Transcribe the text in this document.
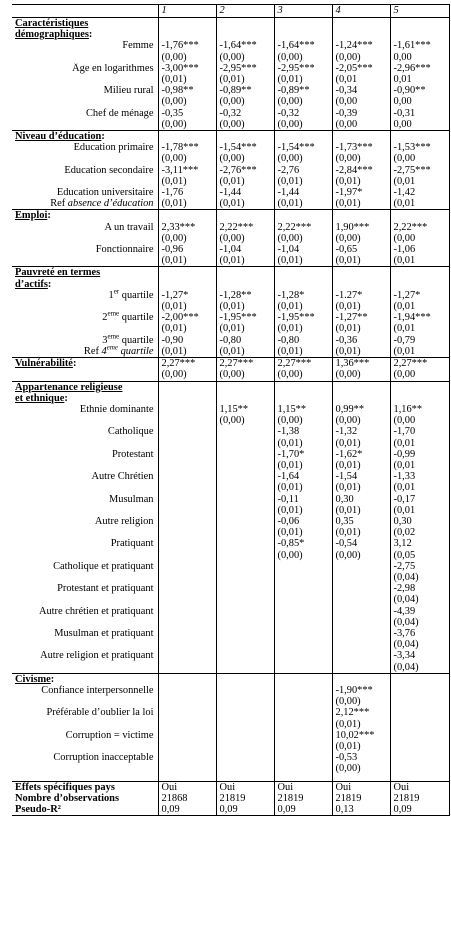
	1	2	3	4	5
Caractéristiques
démographiques:					
Femme	-1,76***	-1,64***	-1,64***	-1,24***	-1,61***
	(0,00)	(0,00)	(0,00)	(0,00)	0,00
Âge en logarithmes	-3,00***	-2,95***	-2,95***	-2,05***	-2,96***
	(0,01)	(0,01)	(0,01)	(0,01	0,01
Milieu rural	-0,98**	-0,89**	-0,89**	-0,34	-0,90**
	(0,00)	(0,00)	(0,00)	(0,00	0,00
Chef de ménage	-0,35	-0,32	-0,32	-0,39	-0,31
	(0,00)	(0,00)	(0,00)	(0,00	0,00
Niveau d’éducation:					
Education primaire	-1,78***	-1,54***	-1,54***	-1,73***	-1,53***
	(0,00)	(0,00)	(0,00)	(0,00)	(0,00
Education secondaire	-3,11***	-2,76***	-2,76	-2,84***	-2,75***
	(0,01)	(0,01)	(0,01)	(0,01)	(0,01
Education universitaire	-1,76	-1,44	-1,44	-1,97*	-1,42
Ref absence d’éducation	(0,01)	(0,01)	(0,01)	(0,01)	(0,01
Emploi:					
A un travail	2,33***	2,22***	2,22***	1,90***	2,22***
	(0,00)	(0,00)	(0,00)	(0,00)	(0,00
Fonctionnaire	-0,96	-1,04	-1,04	-0,65	-1,06
	(0,01)	(0,01)	(0,01)	(0,01)	(0,01
Pauvreté en termes
d’actifs:					
1er quartile	-1,27*	-1,28**	-1,28*	-1.27*	-1,27*
	(0,01)	(0,01)	(0,01)	(0,01)	(0,01
2ème quartile	-2,00***	-1,95***	-1,95***	-1,27**	-1,94***
	(0,01)	(0,01)	(0,01)	(0,01)	(0,01
3ème quartile	-0,90	-0,80	-0,80	-0,36	-0,79
Ref 4ème quartile	(0,01)	(0,01)	(0,01)	(0,01)	(0,01
Vulnérabilité:	2,27***	2,27***	2,27***	1,36***	2,27***
	(0,00)	(0,00)	(0,00)	(0,00)	(0,00
Appartenance religieuse
et ethnique:					
Ethnie dominante		1,15**	1,15**	0,99**	1,16**
		(0,00)	(0,00)	(0,00)	(0,00
Catholique			-1,38	-1,32	-1,70
			(0,01)	(0,01)	(0,01
Protestant			-1,70*	-1,62*	-0,99
			(0,01)	(0,01)	(0,01
Autre Chrétien			-1,64	-1,54	-1,33
			(0,01)	(0,01)	(0,01
Musulman			-0,11	0,30	-0,17
			(0,01)	(0,01)	(0,01
Autre religion			-0,06	0,35	0,30
			(0,01)	(0,01)	(0,02
Pratiquant			-0,85*	-0,54	3,12
			(0,00)	(0,00)	(0,05
Catholique et pratiquant					-2,75
					(0,04)
Protestant et pratiquant					-2,98
					(0,04)
Autre chrétien et pratiquant					-4,39
					(0,04)
Musulman et pratiquant					-3,76
					(0,04)
Autre religion et pratiquant					-3,34
					(0,04)
Civisme:					
Confiance interpersonnelle				-1,90***	
				(0,00)	
Préférable d’oublier la loi				2,12***	
				(0,01)	
Corruption = victime				10,02***	
				(0,01)	
Corruption inacceptable				-0,53	
				(0,00)	

Effets spécifiques pays	Oui	Oui	Oui	Oui	Oui
Nombre d’observations	21868	21819	21819	21819	21819
Pseudo-R²	0,09	0,09	0,09	0,13	0,09
